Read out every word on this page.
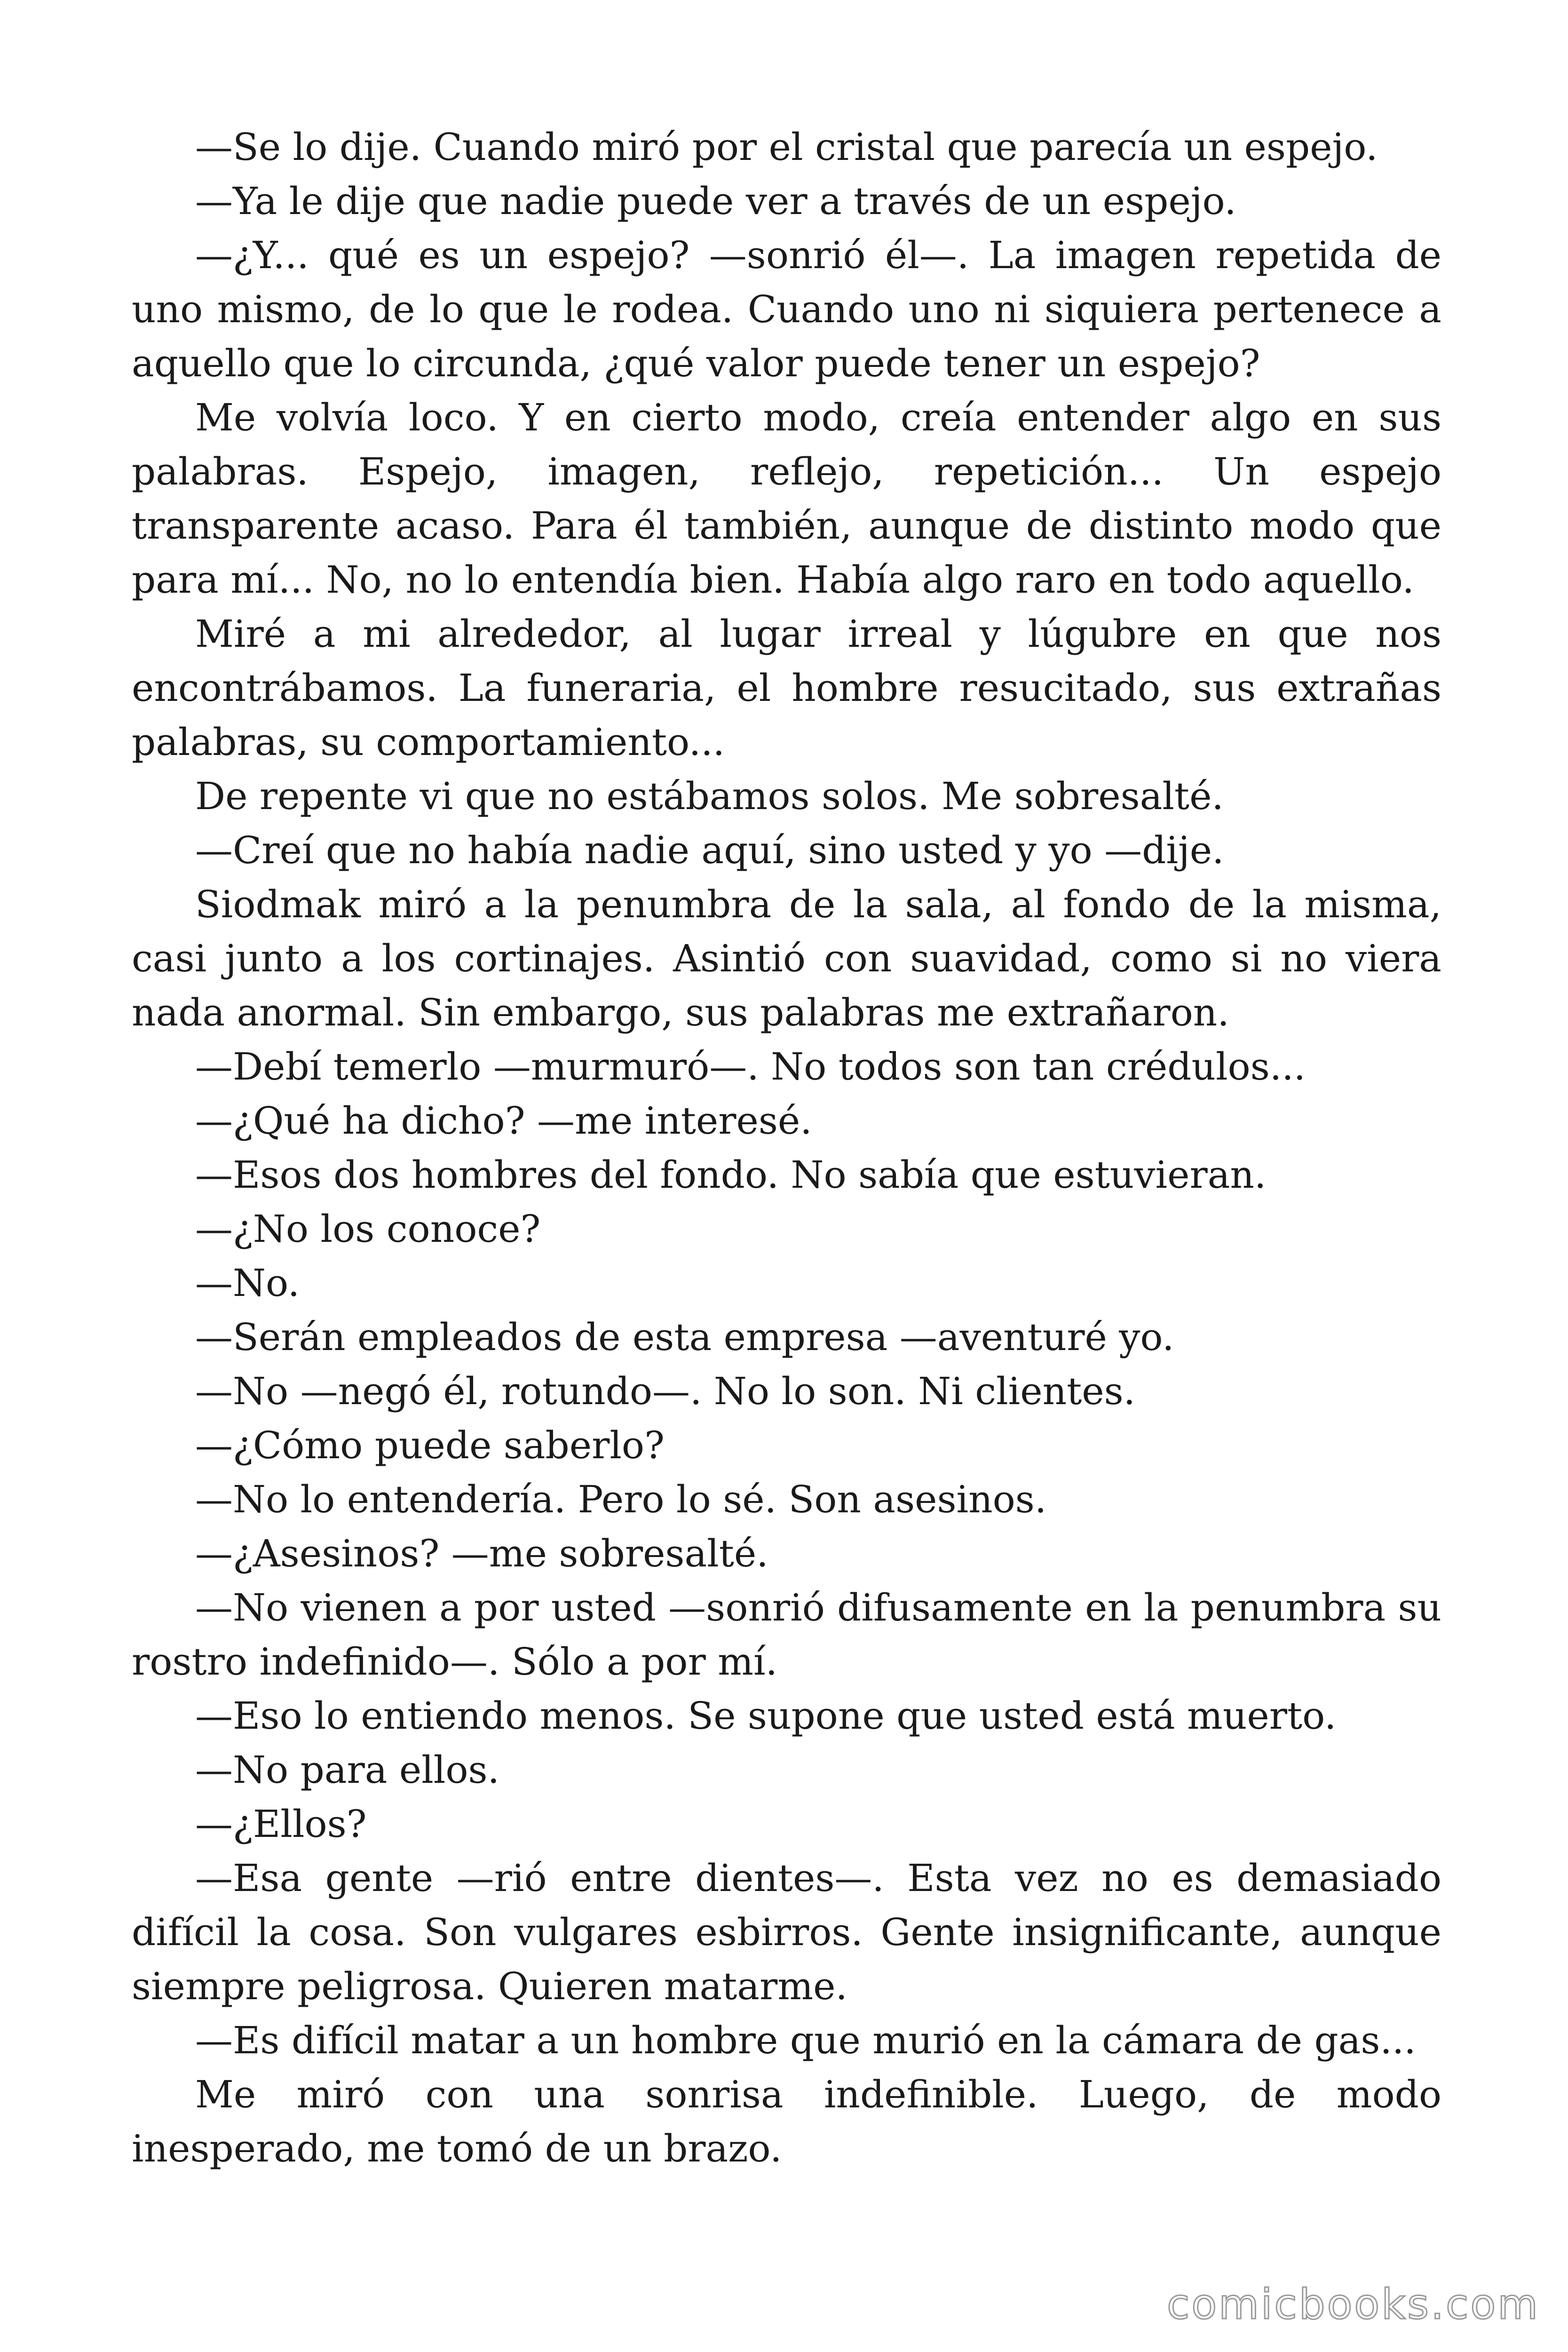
—Se lo dije. Cuando miró por el cristal que parecía un espejo.

—Ya le dije que nadie puede ver a través de un espejo.

—¿Y... qué es un espejo? —sonrió él—. La imagen repetida de uno mismo, de lo que le rodea. Cuando uno ni siquiera pertenece a aquello que lo circunda, ¿qué valor puede tener un espejo?

Me volvía loco. Y en cierto modo, creía entender algo en sus palabras. Espejo, imagen, reflejo, repetición... Un espejo transparente acaso. Para él también, aunque de distinto modo que para mí... No, no lo entendía bien. Había algo raro en todo aquello.

Miré a mi alrededor, al lugar irreal y lúgubre en que nos encontrábamos. La funeraria, el hombre resucitado, sus extrañas palabras, su comportamiento...

De repente vi que no estábamos solos. Me sobresalté.

—Creí que no había nadie aquí, sino usted y yo —dije.

Siodmak miró a la penumbra de la sala, al fondo de la misma, casi junto a los cortinajes. Asintió con suavidad, como si no viera nada anormal. Sin embargo, sus palabras me extrañaron.

—Debí temerlo —murmuró—. No todos son tan crédulos...

—¿Qué ha dicho? —me interesé.

—Esos dos hombres del fondo. No sabía que estuvieran.

—¿No los conoce?

—No.

—Serán empleados de esta empresa —aventuré yo.

—No —negó él, rotundo—. No lo son. Ni clientes.

—¿Cómo puede saberlo?

—No lo entendería. Pero lo sé. Son asesinos.

—¿Asesinos? —me sobresalté.

—No vienen a por usted —sonrió difusamente en la penumbra su rostro indefinido—. Sólo a por mí.

—Eso lo entiendo menos. Se supone que usted está muerto.

—No para ellos.

—¿Ellos?

—Esa gente —rió entre dientes—. Esta vez no es demasiado difícil la cosa. Son vulgares esbirros. Gente insignificante, aunque siempre peligrosa. Quieren matarme.

—Es difícil matar a un hombre que murió en la cámara de gas...

Me miró con una sonrisa indefinible. Luego, de modo inesperado, me tomó de un brazo.

comicbooks.com
